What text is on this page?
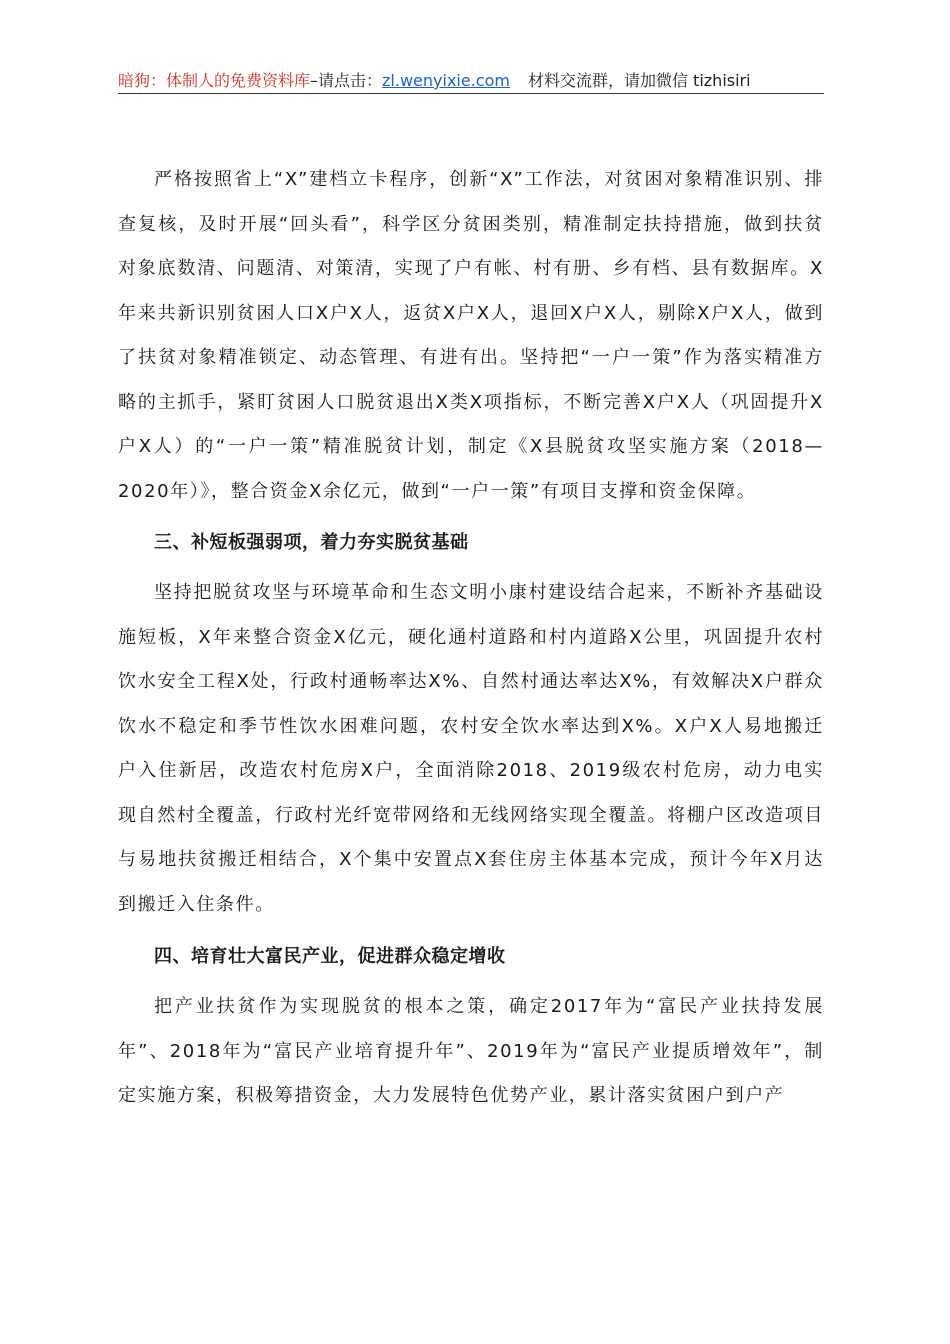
暗狗：体制人的免费资料库–请点击：zl.wenyixie.com 材料交流群，请加微信 tizhisiri

严格按照省上“X”建档立卡程序，创新“X”工作法，对贫困对象精准识别、排查复核，及时开展“回头看”，科学区分贫困类别，精准制定扶持措施，做到扶贫对象底数清、问题清、对策清，实现了户有帐、村有册、乡有档、县有数据库。X年来共新识别贫困人口X户X人，返贫X户X人，退回X户X人，剔除X户X人，做到了扶贫对象精准锁定、动态管理、有进有出。坚持把“一户一策”作为落实精准方略的主抓手，紧盯贫困人口脱贫退出X类X项指标，不断完善X户X人（巩固提升X户X人）的“一户一策”精准脱贫计划，制定《X县脱贫攻坚实施方案（2018—2020年）》，整合资金X余亿元，做到“一户一策”有项目支撑和资金保障。

三、补短板强弱项，着力夯实脱贫基础

坚持把脱贫攻坚与环境革命和生态文明小康村建设结合起来，不断补齐基础设施短板，X年来整合资金X亿元，硬化通村道路和村内道路X公里，巩固提升农村饮水安全工程X处，行政村通畅率达X%、自然村通达率达X%，有效解决X户群众饮水不稳定和季节性饮水困难问题，农村安全饮水率达到X%。X户X人易地搬迁户入住新居，改造农村危房X户，全面消除2018、2019级农村危房，动力电实现自然村全覆盖，行政村光纤宽带网络和无线网络实现全覆盖。将棚户区改造项目与易地扶贫搬迁相结合，X个集中安置点X套住房主体基本完成，预计今年X月达到搬迁入住条件。

四、培育壮大富民产业，促进群众稳定增收

把产业扶贫作为实现脱贫的根本之策，确定2017年为“富民产业扶持发展年”、2018年为“富民产业培育提升年”、2019年为“富民产业提质增效年”，制定实施方案，积极筹措资金，大力发展特色优势产业，累计落实贫困户到户产
